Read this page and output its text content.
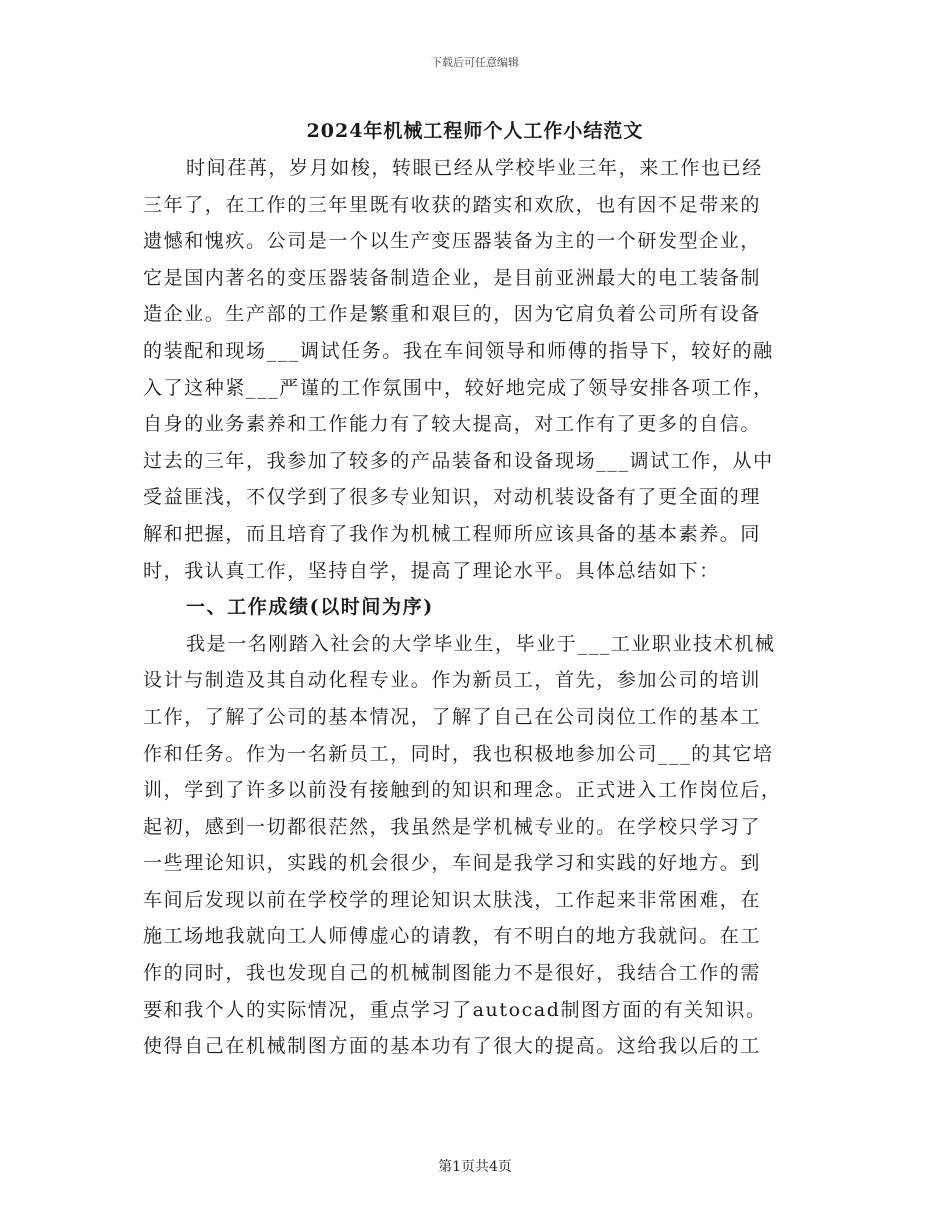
下载后可任意编辑
2024年机械工程师个人工作小结范文
时间荏苒，岁月如梭，转眼已经从学校毕业三年，来工作也已经
三年了，在工作的三年里既有收获的踏实和欢欣，也有因不足带来的
遗憾和愧疚。公司是一个以生产变压器装备为主的一个研发型企业，
它是国内著名的变压器装备制造企业，是目前亚洲最大的电工装备制
造企业。生产部的工作是繁重和艰巨的，因为它肩负着公司所有设备
的装配和现场___调试任务。我在车间领导和师傅的指导下，较好的融
入了这种紧___严谨的工作氛围中，较好地完成了领导安排各项工作，
自身的业务素养和工作能力有了较大提高，对工作有了更多的自信。
过去的三年，我参加了较多的产品装备和设备现场___调试工作，从中
受益匪浅，不仅学到了很多专业知识，对动机装设备有了更全面的理
解和把握，而且培育了我作为机械工程师所应该具备的基本素养。同
时，我认真工作，坚持自学，提高了理论水平。具体总结如下：
一、工作成绩(以时间为序)
我是一名刚踏入社会的大学毕业生，毕业于___工业职业技术机械
设计与制造及其自动化程专业。作为新员工，首先，参加公司的培训
工作，了解了公司的基本情况，了解了自己在公司岗位工作的基本工
作和任务。作为一名新员工，同时，我也积极地参加公司___的其它培
训，学到了许多以前没有接触到的知识和理念。正式进入工作岗位后，
起初，感到一切都很茫然，我虽然是学机械专业的。在学校只学习了
一些理论知识，实践的机会很少，车间是我学习和实践的好地方。到
车间后发现以前在学校学的理论知识太肤浅，工作起来非常困难，在
施工场地我就向工人师傅虚心的请教，有不明白的地方我就问。在工
作的同时，我也发现自己的机械制图能力不是很好，我结合工作的需
要和我个人的实际情况，重点学习了autocad制图方面的有关知识。
使得自己在机械制图方面的基本功有了很大的提高。这给我以后的工
第1页共4页
